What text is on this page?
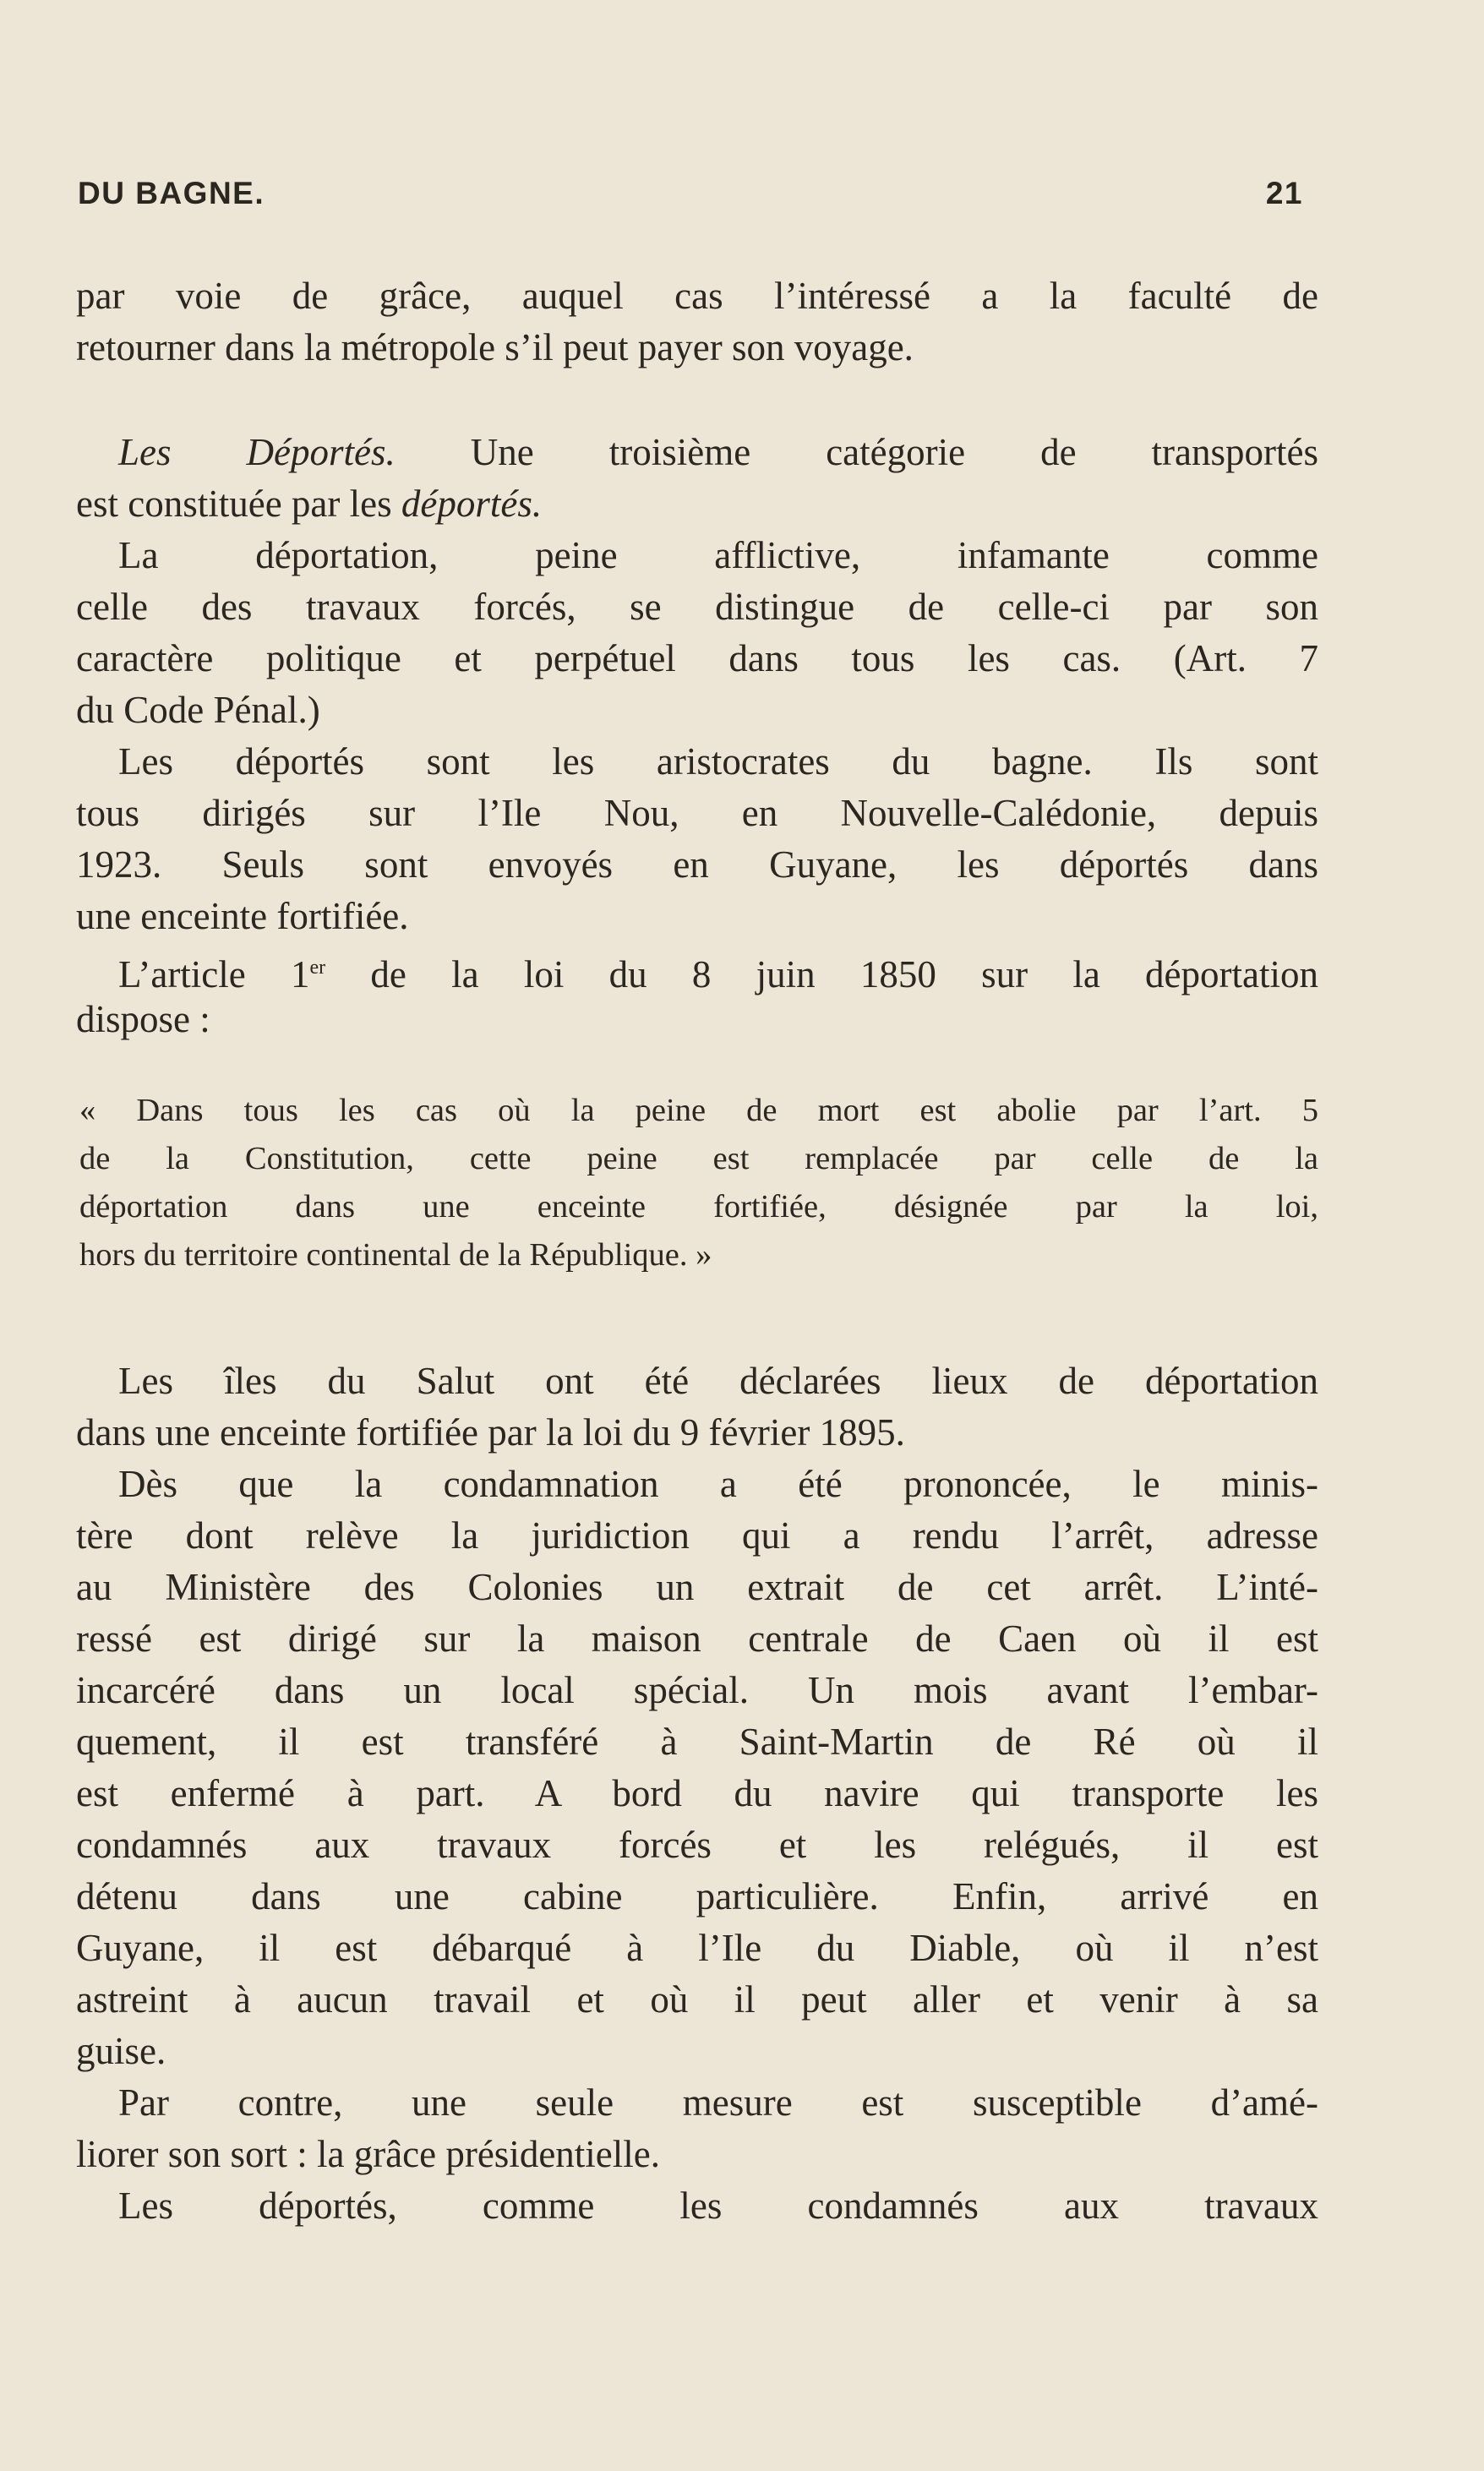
DU BAGNE.	21
par voie de grâce, auquel cas l’intéressé a la faculté de
retourner dans la métropole s’il peut payer son voyage.
Les Déportés. Une troisième catégorie de transportés
est constituée par les déportés.
La déportation, peine afflictive, infamante comme
celle des travaux forcés, se distingue de celle-ci par son
caractère politique et perpétuel dans tous les cas. (Art. 7
du Code Pénal.)
Les déportés sont les aristocrates du bagne. Ils sont
tous dirigés sur l’Ile Nou, en Nouvelle-Calédonie, depuis
1923. Seuls sont envoyés en Guyane, les déportés dans
une enceinte fortifiée.
L’article 1er de la loi du 8 juin 1850 sur la déportation
dispose :
« Dans tous les cas où la peine de mort est abolie par l’art. 5
de la Constitution, cette peine est remplacée par celle de la
déportation dans une enceinte fortifiée, désignée par la loi,
hors du territoire continental de la République. »
Les îles du Salut ont été déclarées lieux de déportation
dans une enceinte fortifiée par la loi du 9 février 1895.
Dès que la condamnation a été prononcée, le minis-
tère dont relève la juridiction qui a rendu l’arrêt, adresse
au Ministère des Colonies un extrait de cet arrêt. L’inté-
ressé est dirigé sur la maison centrale de Caen où il est
incarcéré dans un local spécial. Un mois avant l’embar-
quement, il est transféré à Saint-Martin de Ré où il
est enfermé à part. A bord du navire qui transporte les
condamnés aux travaux forcés et les relégués, il est
détenu dans une cabine particulière. Enfin, arrivé en
Guyane, il est débarqué à l’Ile du Diable, où il n’est
astreint à aucun travail et où il peut aller et venir à sa
guise.
Par contre, une seule mesure est susceptible d’amé-
liorer son sort : la grâce présidentielle.
Les déportés, comme les condamnés aux travaux
